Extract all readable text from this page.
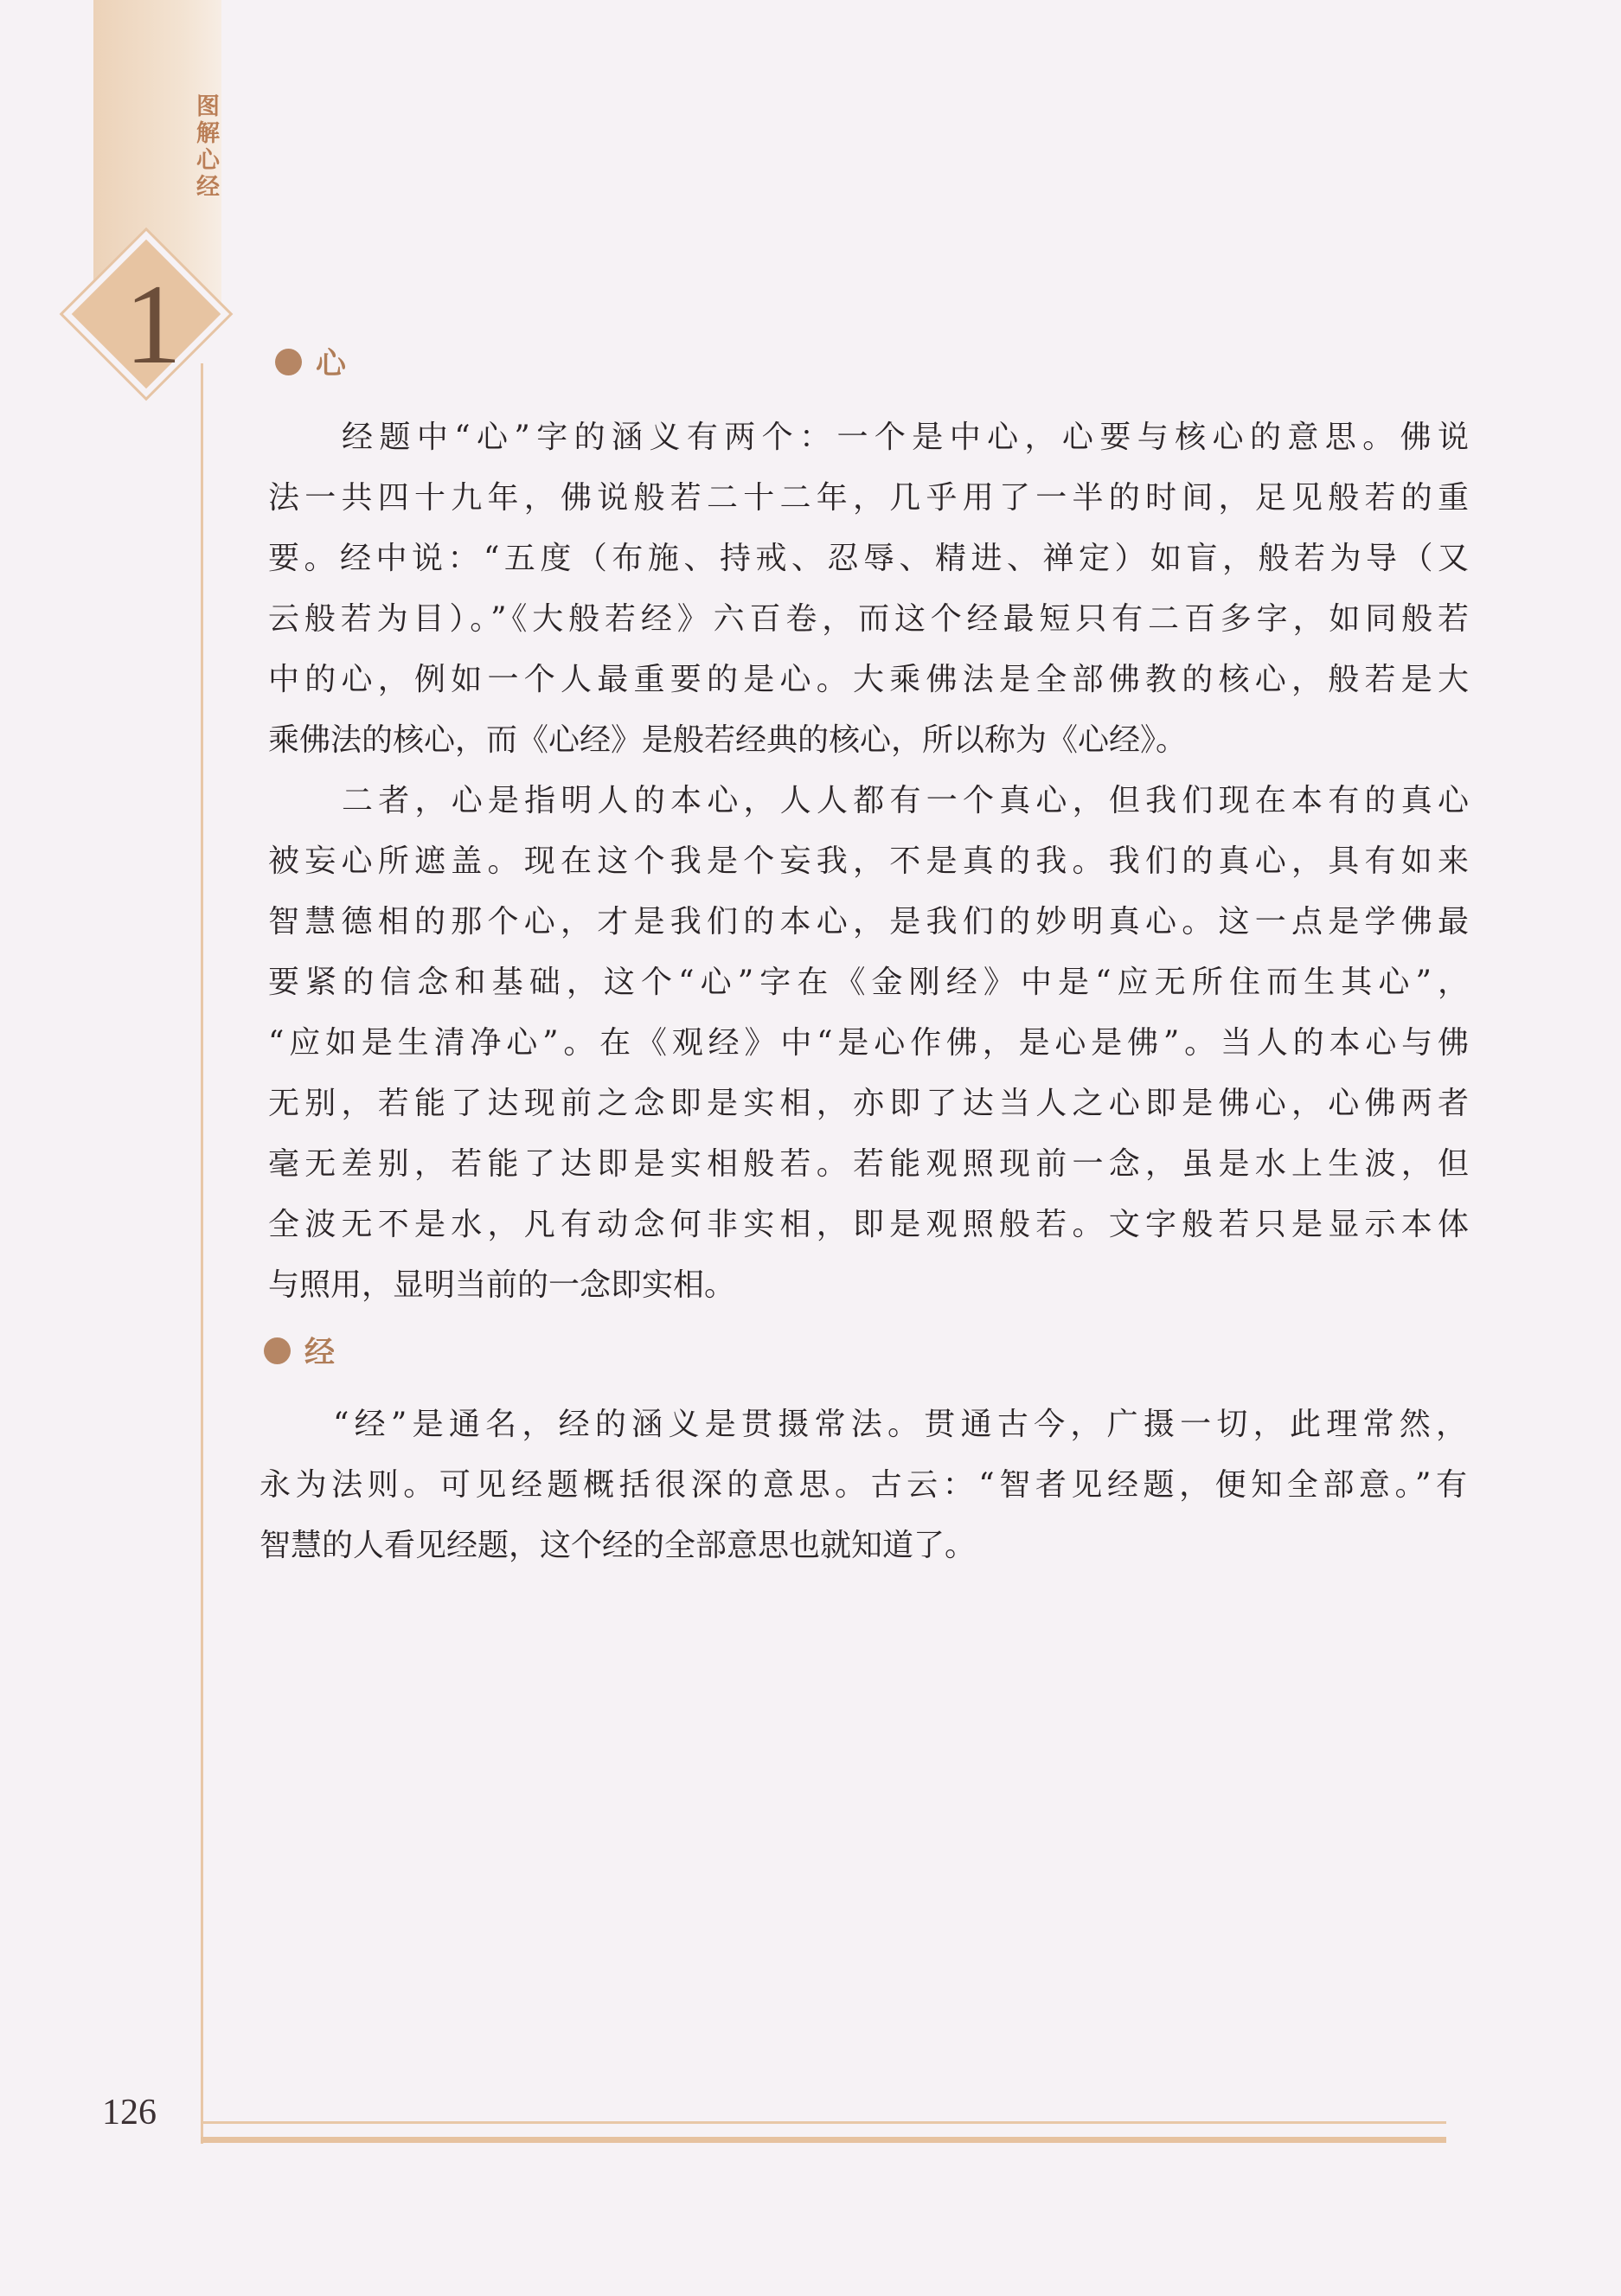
图解心经
1
126
心
经题中“心”字的涵义有两个：一个是中心，心要与核心的意思。佛说
法一共四十九年，佛说般若二十二年，几乎用了一半的时间，足见般若的重
要。经中说：“五度（布施、持戒、忍辱、精进、禅定）如盲，般若为导（又
云般若为目）。”《大般若经》六百卷，而这个经最短只有二百多字，如同般若
中的心，例如一个人最重要的是心。大乘佛法是全部佛教的核心，般若是大
乘佛法的核心，而《心经》是般若经典的核心，所以称为《心经》。
二者，心是指明人的本心，人人都有一个真心，但我们现在本有的真心
被妄心所遮盖。现在这个我是个妄我，不是真的我。我们的真心，具有如来
智慧德相的那个心，才是我们的本心，是我们的妙明真心。这一点是学佛最
要紧的信念和基础，这个“心”字在《金刚经》中是“应无所住而生其心”，
“应如是生清净心”。在《观经》中“是心作佛，是心是佛”。当人的本心与佛
无别，若能了达现前之念即是实相，亦即了达当人之心即是佛心，心佛两者
毫无差别，若能了达即是实相般若。若能观照现前一念，虽是水上生波，但
全波无不是水，凡有动念何非实相，即是观照般若。文字般若只是显示本体
与照用，显明当前的一念即实相。
经
“经”是通名，经的涵义是贯摄常法。贯通古今，广摄一切，此理常然，
永为法则。可见经题概括很深的意思。古云：“智者见经题，便知全部意。”有
智慧的人看见经题，这个经的全部意思也就知道了。
